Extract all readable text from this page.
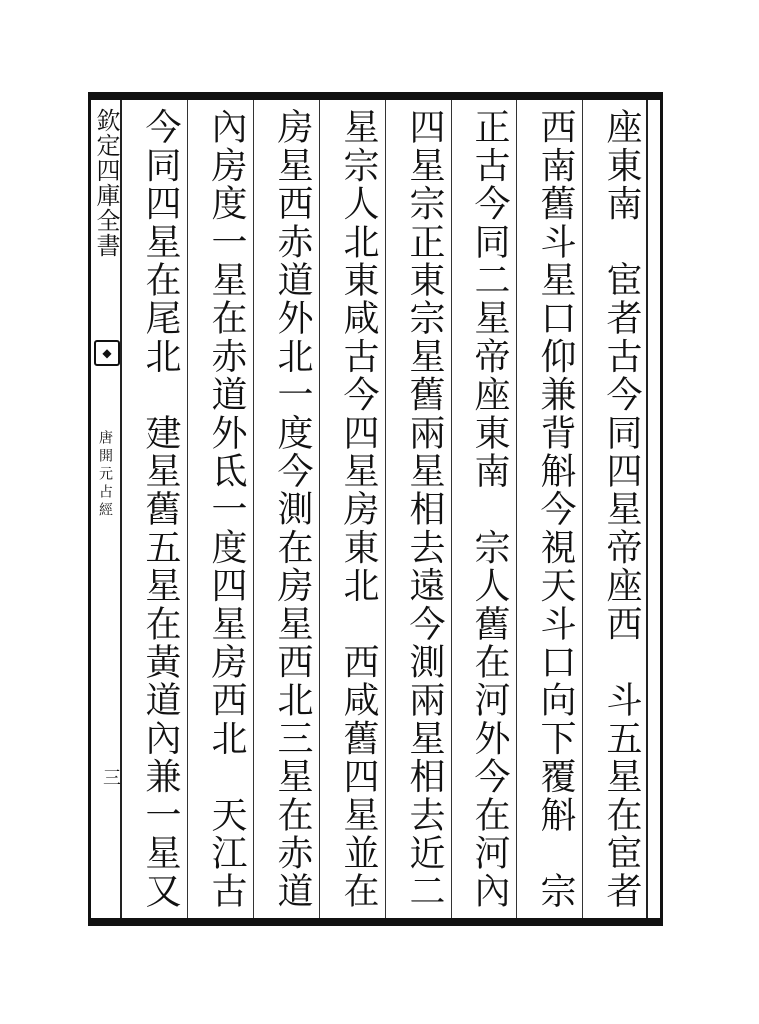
欽定四庫全書
◆
唐開元占經
三	座東南　宦者古今同四星帝座西　斗五星在宦者
西南舊斗星口仰兼背斛今視天斗口向下覆斛　宗
正古今同二星帝座東南　宗人舊在河外今在河內
四星宗正東宗星舊兩星相去遠今測兩星相去近二
星宗人北東咸古今四星房東北　西咸舊四星並在
房星西赤道外北一度今測在房星西北三星在赤道
內房度一星在赤道外氐一度四星房西北　天江古
今同四星在尾北　建星舊五星在黃道內兼一星又
